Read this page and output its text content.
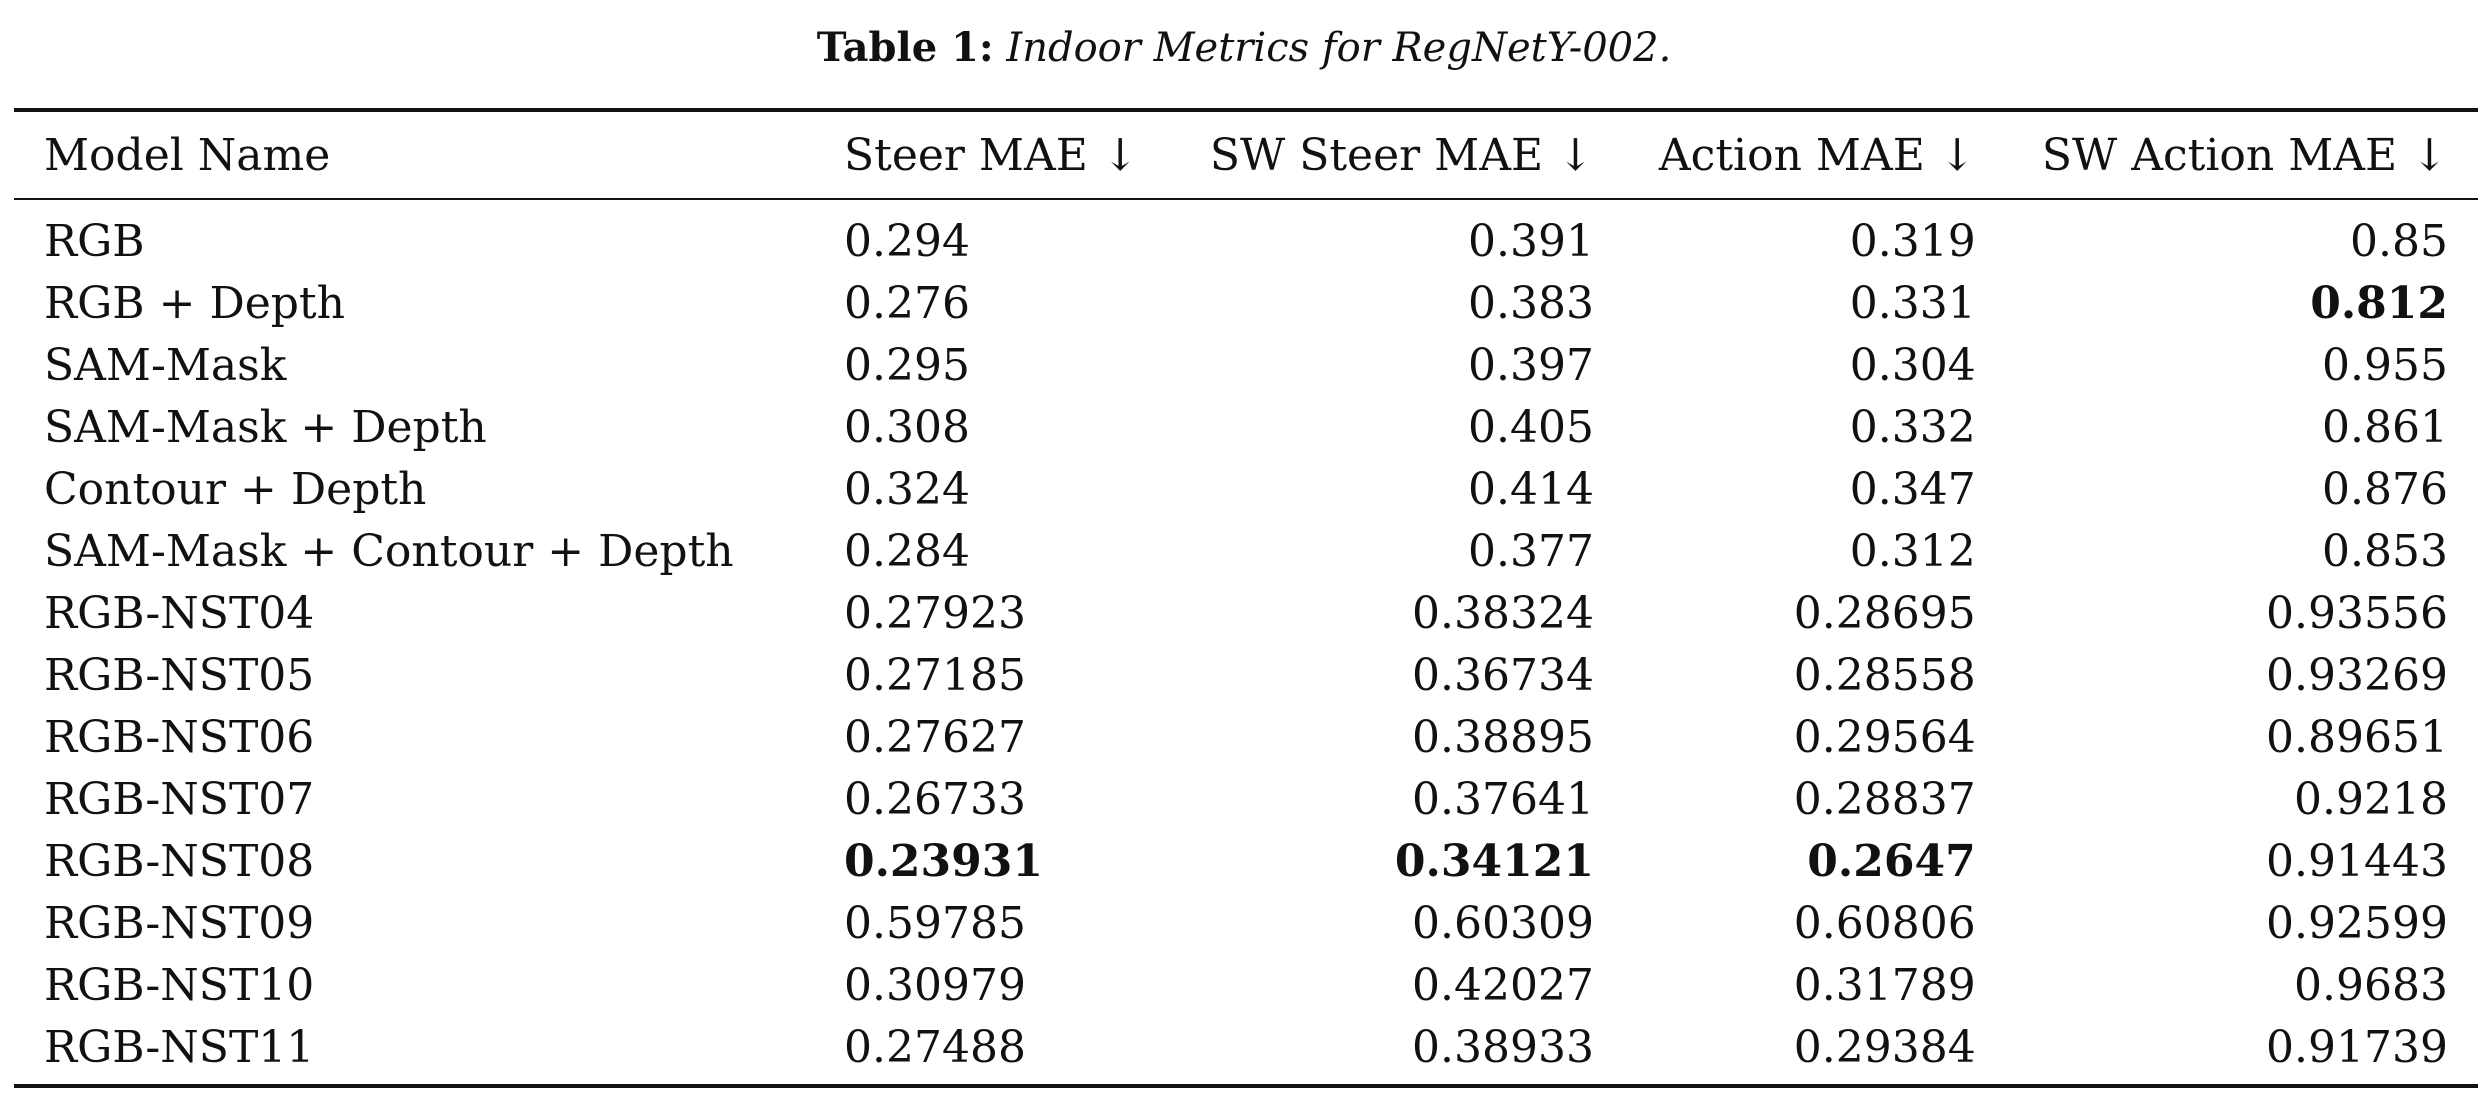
Table 1: Indoor Metrics for RegNetY-002.
Model Name	Steer MAE ↓	SW Steer MAE ↓	Action MAE ↓	SW Action MAE ↓
RGB	0.294	0.391	0.319	0.85
RGB + Depth	0.276	0.383	0.331	0.812
SAM-Mask	0.295	0.397	0.304	0.955
SAM-Mask + Depth	0.308	0.405	0.332	0.861
Contour + Depth	0.324	0.414	0.347	0.876
SAM-Mask + Contour + Depth	0.284	0.377	0.312	0.853
RGB-NST04	0.27923	0.38324	0.28695	0.93556
RGB-NST05	0.27185	0.36734	0.28558	0.93269
RGB-NST06	0.27627	0.38895	0.29564	0.89651
RGB-NST07	0.26733	0.37641	0.28837	0.9218
RGB-NST08	0.23931	0.34121	0.2647	0.91443
RGB-NST09	0.59785	0.60309	0.60806	0.92599
RGB-NST10	0.30979	0.42027	0.31789	0.9683
RGB-NST11	0.27488	0.38933	0.29384	0.91739
